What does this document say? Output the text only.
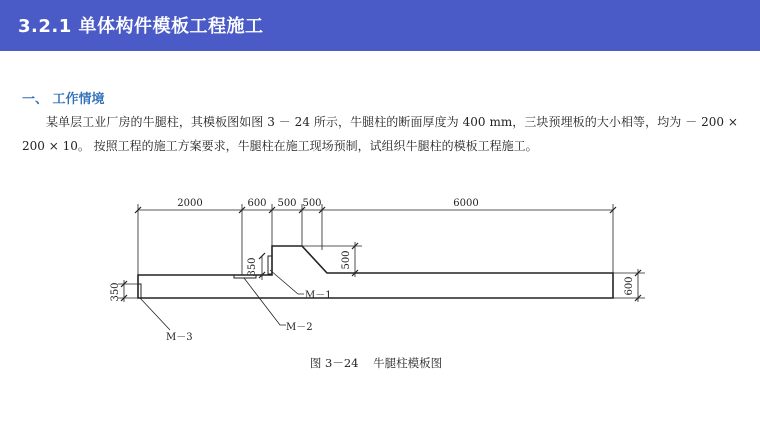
3.2.1 单体构件模板工程施工
一、 工作情境
某单层工业厂房的牛腿柱，其模板图如图 3 － 24 所示，牛腿柱的断面厚度为 400 mm，三块预埋板的大小相等，均为 － 200 × 200 × 10。 按照工程的施工方案要求，牛腿柱在施工现场预制，试组织牛腿柱的模板工程施工。
2000	600 500 500	6000
500
350
600
350	M－1
M－2
M－3
图 3－24    牛腿柱模板图
